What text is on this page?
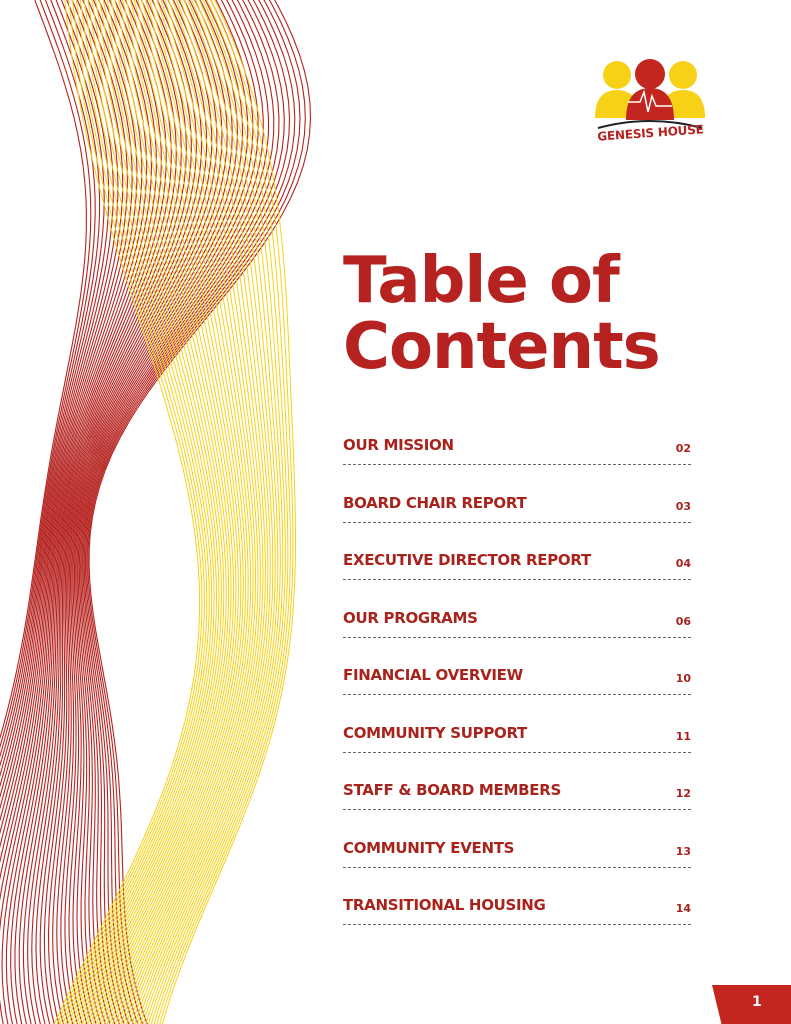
GENESIS HOUSE
Table of
Contents
OUR MISSION	02
BOARD CHAIR REPORT	03
EXECUTIVE DIRECTOR REPORT	04
OUR PROGRAMS	06
FINANCIAL OVERVIEW	10
COMMUNITY SUPPORT	11
STAFF & BOARD MEMBERS	12
COMMUNITY EVENTS	13
TRANSITIONAL HOUSING	14
1
